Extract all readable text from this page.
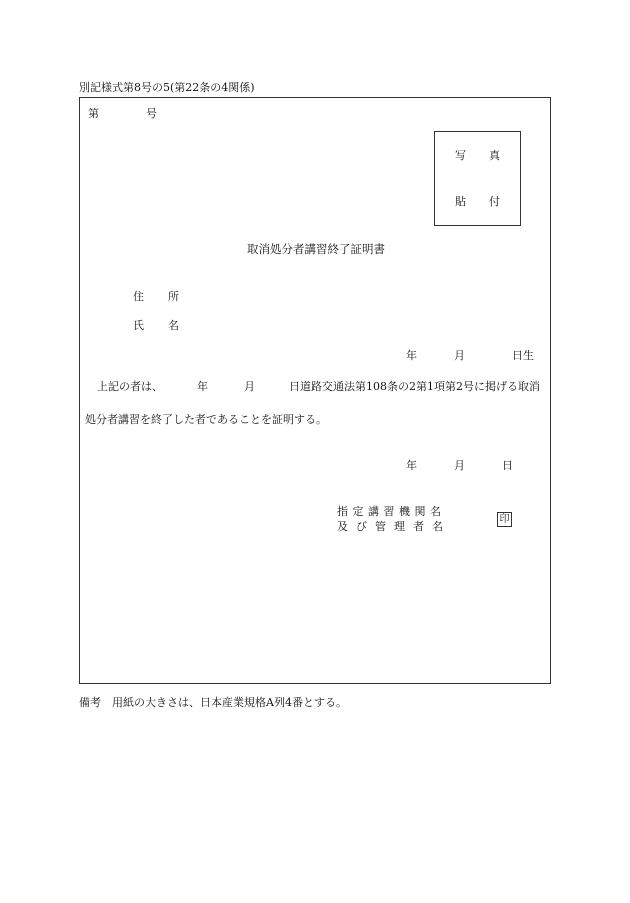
別記様式第8号の5(第22条の4関係)
第	号
写 真
貼 付
取消処分者講習終了証明書
住 所
氏 名
年	月	日生
上記の者は、	年	月	日道路交通法第108条の2第1項第2号に掲げる取消
処分者講習を終了した者であることを証明する。
年	月	日
指定講習機関名
及び管理者名
印
備考　用紙の大きさは、日本産業規格A列4番とする。
